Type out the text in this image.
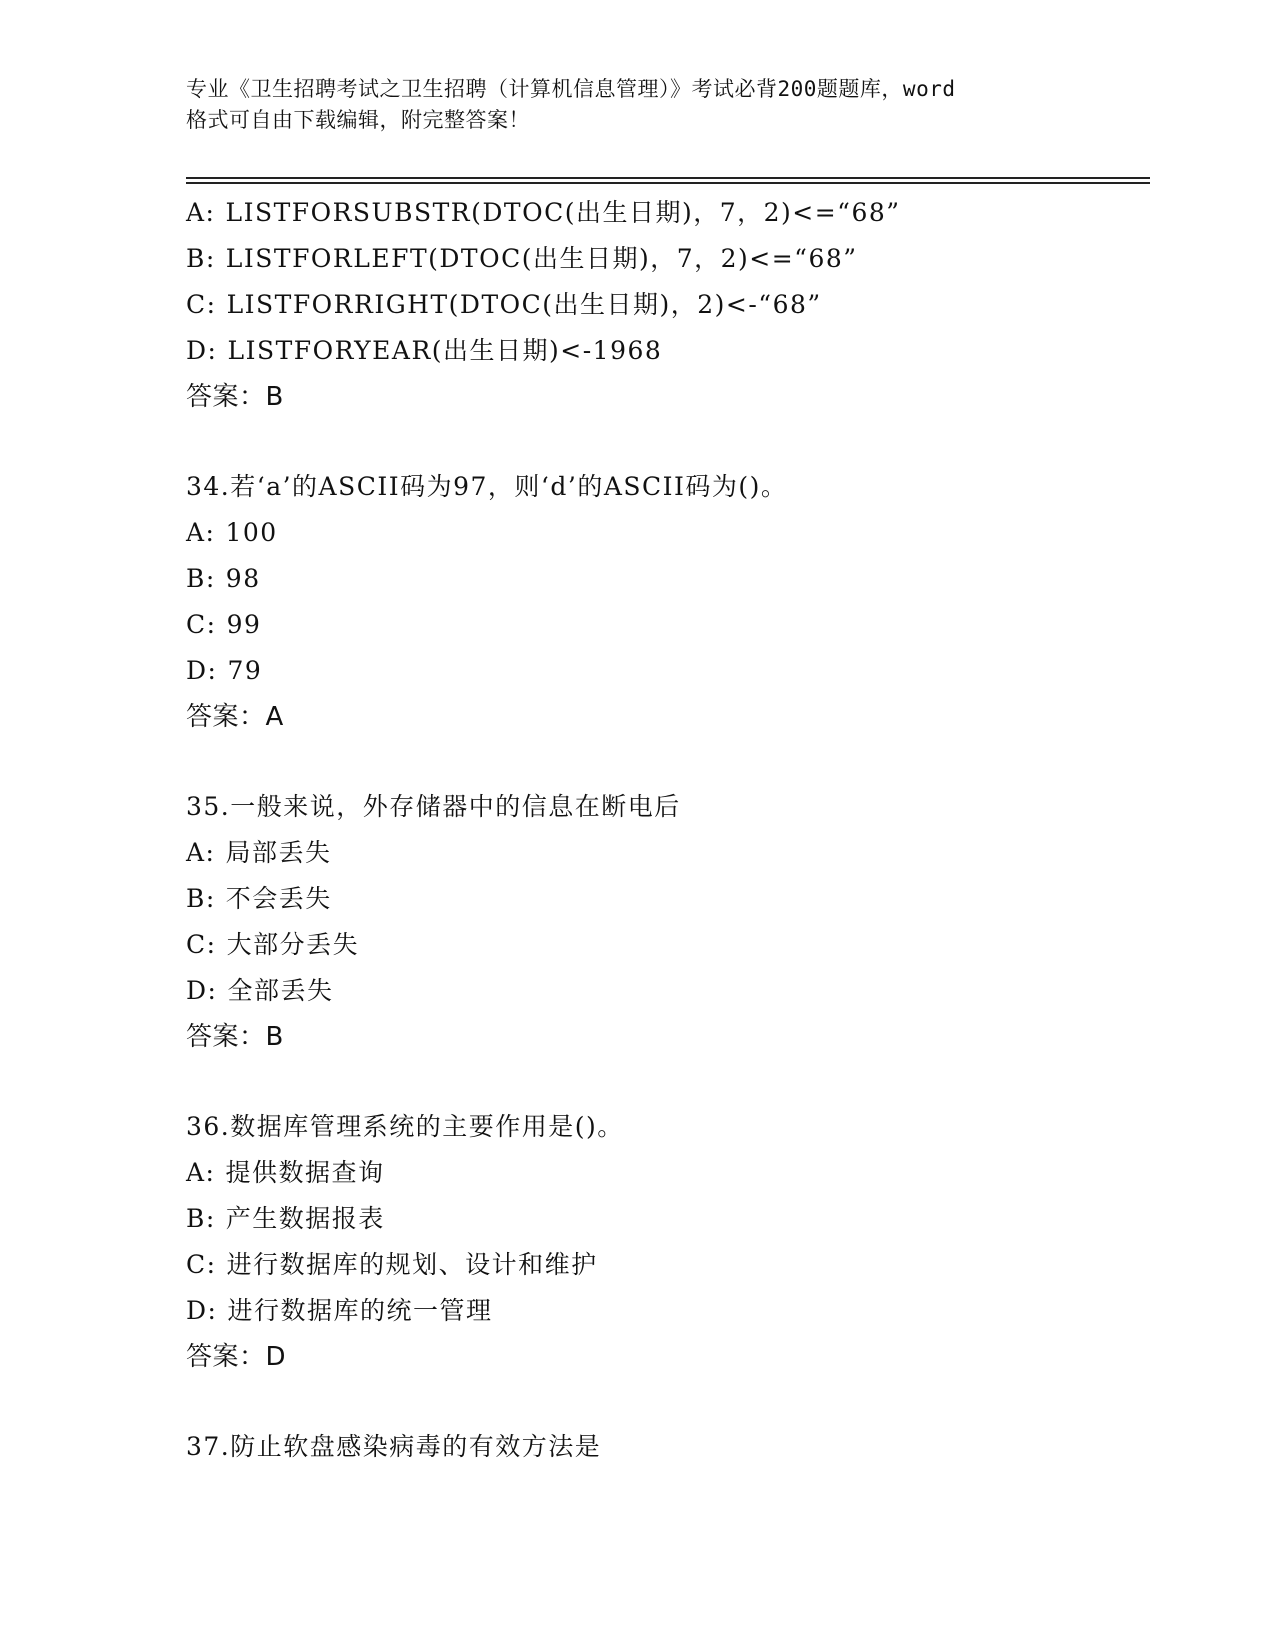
专业《卫生招聘考试之卫生招聘（计算机信息管理）》考试必背200题题库，word
格式可自由下载编辑，附完整答案！
A: LISTFORSUBSTR(DTOC(出生日期)，7，2)<=“68”
B: LISTFORLEFT(DTOC(出生日期)，7，2)<=“68”
C: LISTFORRIGHT(DTOC(出生日期)，2)<-“68”
D: LISTFORYEAR(出生日期)<-1968
答案：B
34.若‘a’的ASCII码为97，则‘d’的ASCII码为()。
A: 100
B: 98
C: 99
D: 79
答案：A
35.一般来说，外存储器中的信息在断电后
A: 局部丢失
B: 不会丢失
C: 大部分丢失
D: 全部丢失
答案：B
36.数据库管理系统的主要作用是()。
A: 提供数据查询
B: 产生数据报表
C: 进行数据库的规划、设计和维护
D: 进行数据库的统一管理
答案：D
37.防止软盘感染病毒的有效方法是
